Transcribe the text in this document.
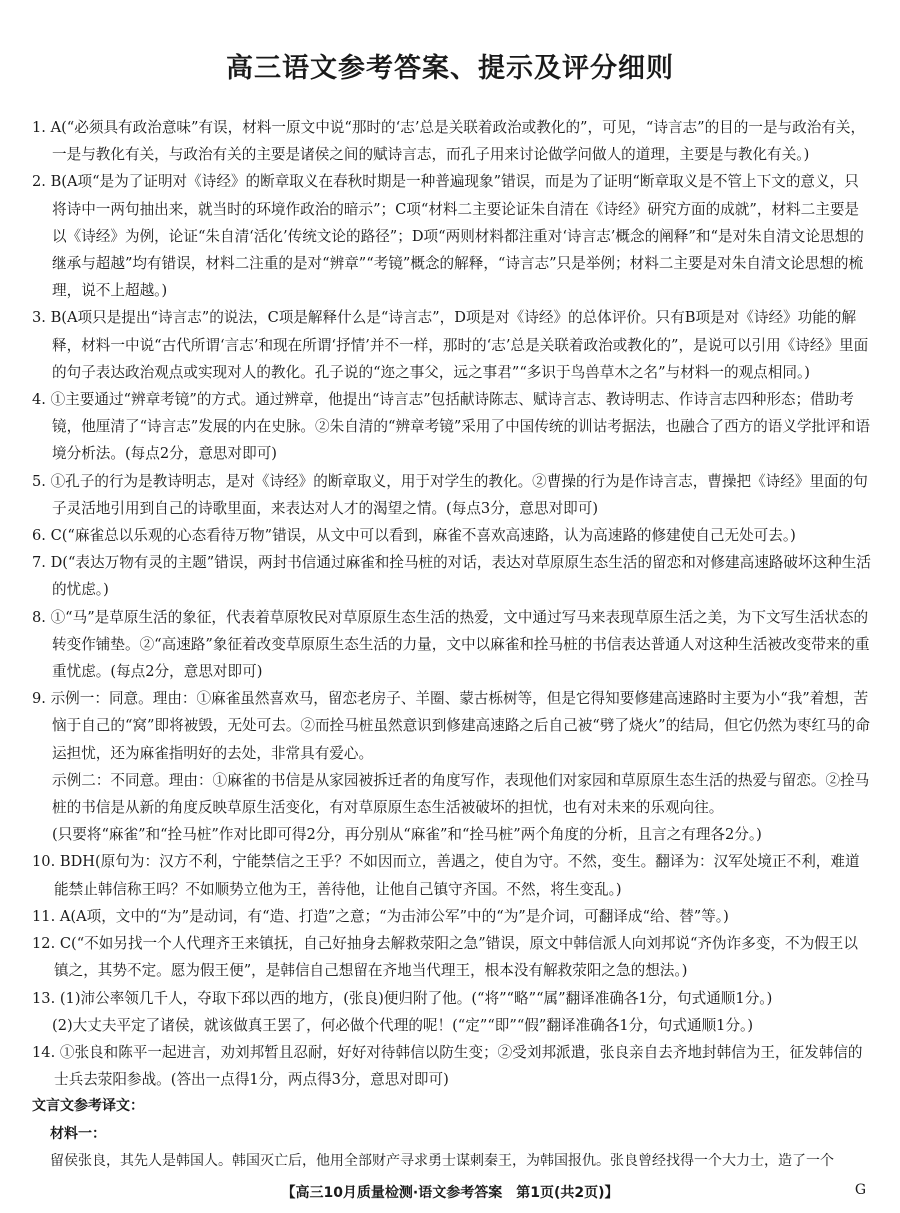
高三语文参考答案、提示及评分细则

1. A(“必须具有政治意味”有误，材料一原文中说“那时的‘志’总是关联着政治或教化的”，可见，“诗言志”的目的一是与政治有关，一是与教化有关，与政治有关的主要是诸侯之间的赋诗言志，而孔子用来讨论做学问做人的道理，主要是与教化有关。)

2. B(A项“是为了证明对《诗经》的断章取义在春秋时期是一种普遍现象”错误，而是为了证明“断章取义是不管上下文的意义，只将诗中一两句抽出来，就当时的环境作政治的暗示”；C项“材料二主要论证朱自清在《诗经》研究方面的成就”，材料二主要是以《诗经》为例，论证“朱自清‘活化’传统文论的路径”；D项“两则材料都注重对‘诗言志’概念的阐释”和“是对朱自清文论思想的继承与超越”均有错误，材料二注重的是对“辨章”“考镜”概念的解释，“诗言志”只是举例；材料二主要是对朱自清文论思想的梳理，说不上超越。)

3. B(A项只是提出“诗言志”的说法，C项是解释什么是“诗言志”，D项是对《诗经》的总体评价。只有B项是对《诗经》功能的解释，材料一中说“古代所谓‘言志’和现在所谓‘抒情’并不一样，那时的‘志’总是关联着政治或教化的”，是说可以引用《诗经》里面的句子表达政治观点或实现对人的教化。孔子说的“迩之事父，远之事君”“多识于鸟兽草木之名”与材料一的观点相同。)

4. ①主要通过“辨章考镜”的方式。通过辨章，他提出“诗言志”包括献诗陈志、赋诗言志、教诗明志、作诗言志四种形态；借助考镜，他厘清了“诗言志”发展的内在史脉。②朱自清的“辨章考镜”采用了中国传统的训诂考据法，也融合了西方的语义学批评和语境分析法。(每点2分，意思对即可)

5. ①孔子的行为是教诗明志，是对《诗经》的断章取义，用于对学生的教化。②曹操的行为是作诗言志，曹操把《诗经》里面的句子灵活地引用到自己的诗歌里面，来表达对人才的渴望之情。(每点3分，意思对即可)

6. C(“麻雀总以乐观的心态看待万物”错误，从文中可以看到，麻雀不喜欢高速路，认为高速路的修建使自己无处可去。)

7. D(“表达万物有灵的主题”错误，两封书信通过麻雀和拴马桩的对话，表达对草原原生态生活的留恋和对修建高速路破坏这种生活的忧虑。)

8. ①“马”是草原生活的象征，代表着草原牧民对草原原生态生活的热爱，文中通过写马来表现草原生活之美，为下文写生活状态的转变作铺垫。②“高速路”象征着改变草原原生态生活的力量，文中以麻雀和拴马桩的书信表达普通人对这种生活被改变带来的重重忧虑。(每点2分，意思对即可)

9. 示例一：同意。理由：①麻雀虽然喜欢马，留恋老房子、羊圈、蒙古栎树等，但是它得知要修建高速路时主要为小“我”着想，苦恼于自己的“窝”即将被毁，无处可去。②而拴马桩虽然意识到修建高速路之后自己被“劈了烧火”的结局，但它仍然为枣红马的命运担忧，还为麻雀指明好的去处，非常具有爱心。

示例二：不同意。理由：①麻雀的书信是从家园被拆迁者的角度写作，表现他们对家园和草原原生态生活的热爱与留恋。②拴马桩的书信是从新的角度反映草原生活变化，有对草原原生态生活被破坏的担忧，也有对未来的乐观向往。

(只要将“麻雀”和“拴马桩”作对比即可得2分，再分别从“麻雀”和“拴马桩”两个角度的分析，且言之有理各2分。)

10. BDH(原句为：汉方不利，宁能禁信之王乎？不如因而立，善遇之，使自为守。不然，变生。翻译为：汉军处境正不利，难道能禁止韩信称王吗？不如顺势立他为王，善待他，让他自己镇守齐国。不然，将生变乱。)

11. A(A项，文中的“为”是动词，有“造、打造”之意；“为击沛公军”中的“为”是介词，可翻译成“给、替”等。)

12. C(“不如另找一个人代理齐王来镇抚，自己好抽身去解救荥阳之急”错误，原文中韩信派人向刘邦说“齐伪诈多变，不为假王以镇之，其势不定。愿为假王便”，是韩信自己想留在齐地当代理王，根本没有解救荥阳之急的想法。)

13. (1)沛公率领几千人，夺取下邳以西的地方，(张良)便归附了他。(“将”“略”“属”翻译准确各1分，句式通顺1分。)

(2)大丈夫平定了诸侯，就该做真王罢了，何必做个代理的呢！(“定”“即”“假”翻译准确各1分，句式通顺1分。)

14. ①张良和陈平一起进言，劝刘邦暂且忍耐，好好对待韩信以防生变；②受刘邦派遣，张良亲自去齐地封韩信为王，征发韩信的士兵去荥阳参战。(答出一点得1分，两点得3分，意思对即可)

文言文参考译文：

材料一：

留侯张良，其先人是韩国人。韩国灭亡后，他用全部财产寻求勇士谋刺秦王，为韩国报仇。张良曾经找得一个大力士，造了一个

【高三10月质量检测·语文参考答案　第1页(共2页)】	G
